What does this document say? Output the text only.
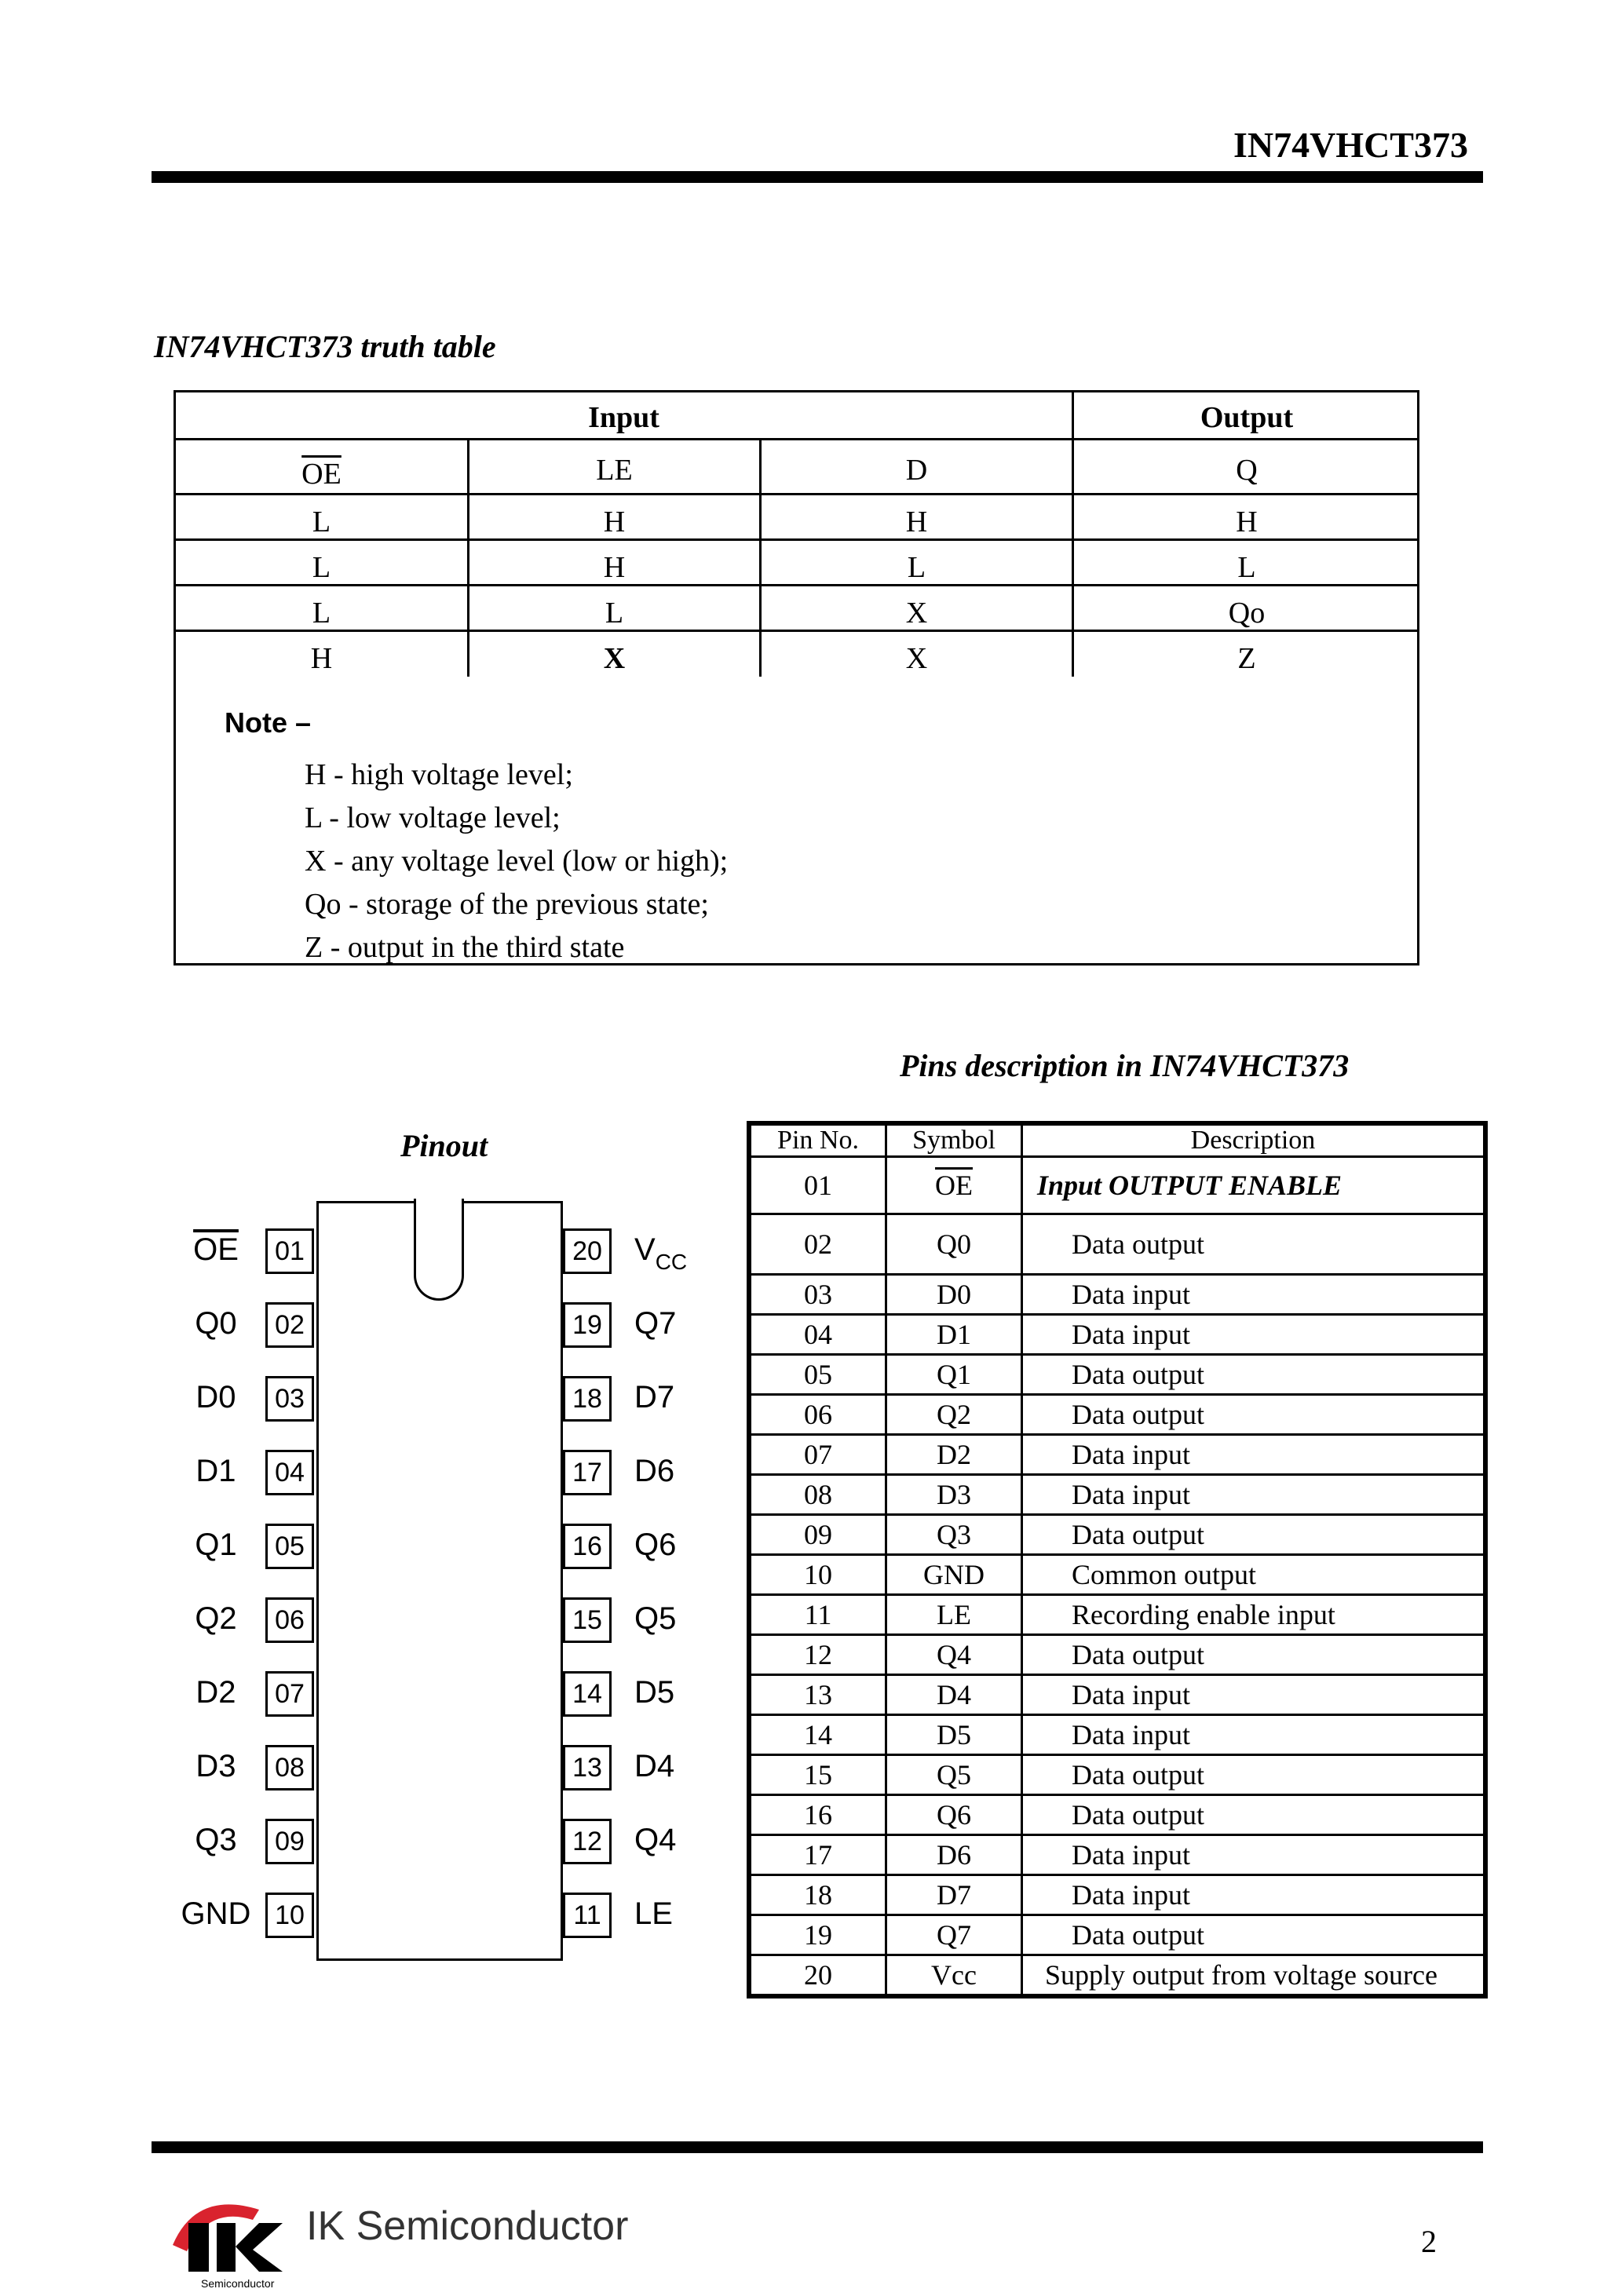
IN74VHCT373
IN74VHCT373 truth table
Input	Output
$\overline{OE}$	LE	D	Q
L	H	H	H
L	H	L	L
L	L	X	Qo
H	X	X	Z
Note –
H - high voltage level;
L - low voltage level;
X - any voltage level (low or high);
Qo - storage of the previous state;
Z - output in the third state
Pinout
01
$\overline{OE}$
02
Q0
03
D0
04
D1
05
Q1
06
Q2
07
D2
08
D3
09
Q3
10
GND
20	$V_{CC}$
19	Q7
18	D7
17	D6
16	Q6
15	Q5
14	D5
13	D4
12	Q4
11	LE
Pins description in IN74VHCT373
Pin No.	Symbol	Description
01	$\overline{OE}$	Input OUTPUT ENABLE
02	Q0	Data output
03	D0	Data input
04	D1	Data input
05	Q1	Data output
06	Q2	Data output
07	D2	Data input
08	D3	Data input
09	Q3	Data output
10	GND	Common output
11	LE	Recording enable input
12	Q4	Data output
13	D4	Data input
14	D5	Data input
15	Q5	Data output
16	Q6	Data output
17	D6	Data input
18	D7	Data input
19	Q7	Data output
20	Vcc	Supply output from voltage source
Semiconductor
IK Semiconductor	2
